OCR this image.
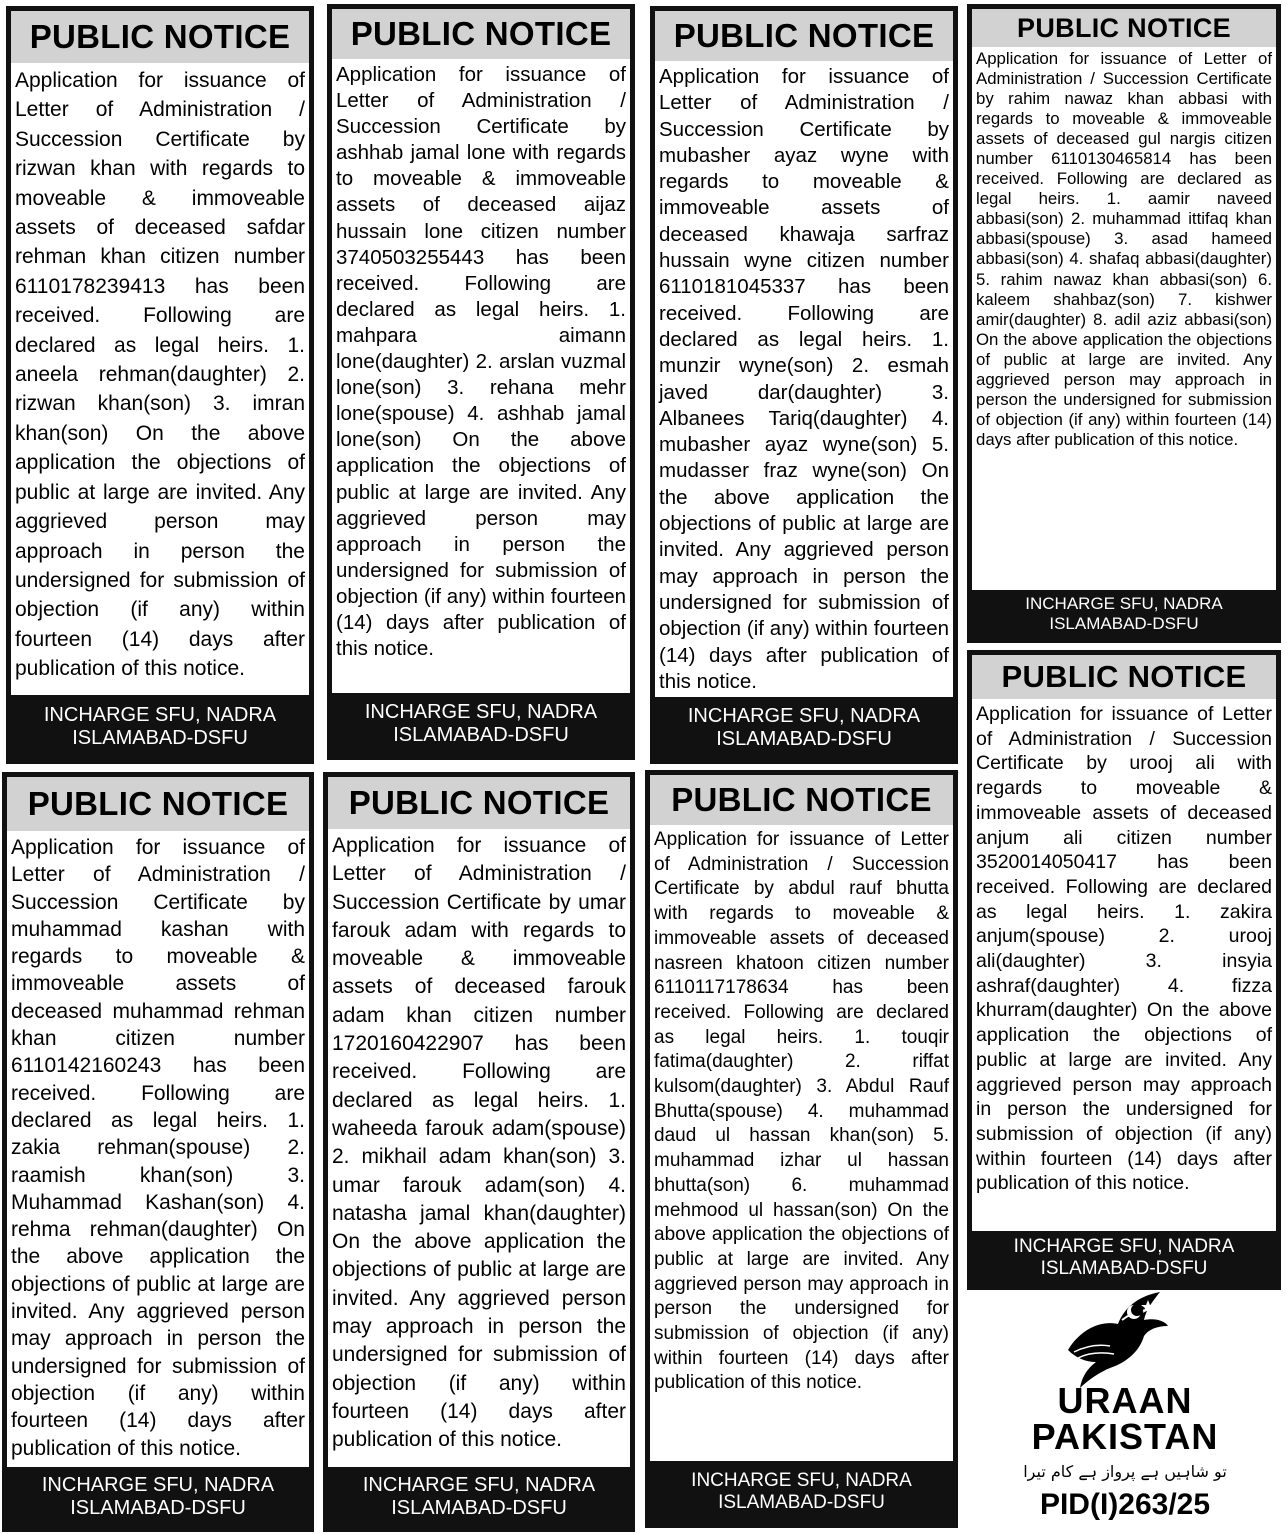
PUBLIC NOTICE
Application for issuance of Letter of Administration / Succession Certificate by rizwan khan with regards to moveable & immoveable assets of deceased safdar rehman khan citizen number 6110178239413 has been received. Following are declared as legal heirs. 1. aneela rehman(daughter) 2. rizwan khan(son) 3. imran khan(son) On the above application the objections of public at large are invited. Any aggrieved person may approach in person the undersigned for submission of objection (if any) within fourteen (14) days after publication of this notice.
INCHARGE SFU, NADRA
ISLAMABAD-DSFU
PUBLIC NOTICE
Application for issuance of Letter of Administration / Succession Certificate by ashhab jamal lone with regards to moveable & immoveable assets of deceased aijaz hussain lone citizen number 3740503255443 has been received. Following are declared as legal heirs. 1. mahpara aimann lone(daughter) 2. arslan vuzmal lone(son) 3. rehana mehr lone(spouse) 4. ashhab jamal lone(son) On the above application the objections of public at large are invited. Any aggrieved person may approach in person the undersigned for submission of objection (if any) within fourteen (14) days after publication of this notice.
INCHARGE SFU, NADRA
ISLAMABAD-DSFU
PUBLIC NOTICE
Application for issuance of Letter of Administration / Succession Certificate by mubasher ayaz wyne with regards to moveable & immoveable assets of deceased khawaja sarfraz hussain wyne citizen number 6110181045337 has been received. Following are declared as legal heirs. 1. munzir wyne(son) 2. esmah javed dar(daughter) 3. Albanees Tariq(daughter) 4. mubasher ayaz wyne(son) 5. mudasser fraz wyne(son) On the above application the objections of public at large are invited. Any aggrieved person may approach in person the undersigned for submission of objection (if any) within fourteen (14) days after publication of this notice.
INCHARGE SFU, NADRA
ISLAMABAD-DSFU
PUBLIC NOTICE
Application for issuance of Letter of Administration / Succession Certificate by rahim nawaz khan abbasi with regards to moveable & immoveable assets of deceased gul nargis citizen number 6110130465814 has been received. Following are declared as legal heirs. 1. aamir naveed abbasi(son) 2. muhammad ittifaq khan abbasi(spouse) 3. asad hameed abbasi(son) 4. shafaq abbasi(daughter) 5. rahim nawaz khan abbasi(son) 6. kaleem shahbaz(son) 7. kishwer amir(daughter) 8. adil aziz abbasi(son) On the above application the objections of public at large are invited. Any aggrieved person may approach in person the undersigned for submission of objection (if any) within fourteen (14) days after publication of this notice.
INCHARGE SFU, NADRA
ISLAMABAD-DSFU
PUBLIC NOTICE
Application for issuance of Letter of Administration / Succession Certificate by urooj ali with regards to moveable & immoveable assets of deceased anjum ali citizen number 3520014050417 has been received. Following are declared as legal heirs. 1. zakira anjum(spouse) 2. urooj ali(daughter) 3. insyia ashraf(daughter) 4. fizza khurram(daughter) On the above application the objections of public at large are invited. Any aggrieved person may approach in person the undersigned for submission of objection (if any) within fourteen (14) days after publication of this notice.
INCHARGE SFU, NADRA
ISLAMABAD-DSFU
PUBLIC NOTICE
Application for issuance of Letter of Administration / Succession Certificate by muhammad kashan with regards to moveable & immoveable assets of deceased muhammad rehman khan citizen number 6110142160243 has been received. Following are declared as legal heirs. 1. zakia rehman(spouse) 2. raamish khan(son) 3. Muhammad Kashan(son) 4. rehma rehman(daughter) On the above application the objections of public at large are invited. Any aggrieved person may approach in person the undersigned for submission of objection (if any) within fourteen (14) days after publication of this notice.
INCHARGE SFU, NADRA
ISLAMABAD-DSFU
PUBLIC NOTICE
Application for issuance of Letter of Administration / Succession Certificate by umar farouk adam with regards to moveable & immoveable assets of deceased farouk adam khan citizen number 1720160422907 has been received. Following are declared as legal heirs. 1. waheeda farouk adam(spouse) 2. mikhail adam khan(son) 3. umar farouk adam(son) 4. natasha jamal khan(daughter) On the above application the objections of public at large are invited. Any aggrieved person may approach in person the undersigned for submission of objection (if any) within fourteen (14) days after publication of this notice.
INCHARGE SFU, NADRA
ISLAMABAD-DSFU
PUBLIC NOTICE
Application for issuance of Letter of Administration / Succession Certificate by abdul rauf bhutta with regards to moveable & immoveable assets of deceased nasreen khatoon citizen number 6110117178634 has been received. Following are declared as legal heirs. 1. touqir fatima(daughter) 2. riffat kulsom(daughter) 3. Abdul Rauf Bhutta(spouse) 4. muhammad daud ul hassan khan(son) 5. muhammad izhar ul hassan bhutta(son) 6. muhammad mehmood ul hassan(son) On the above application the objections of public at large are invited. Any aggrieved person may approach in person the undersigned for submission of objection (if any) within fourteen (14) days after publication of this notice.
INCHARGE SFU, NADRA
ISLAMABAD-DSFU
URAAN
PAKISTAN
تو شاہیں ہے پرواز ہے کام تیرا
PID(I)263/25
